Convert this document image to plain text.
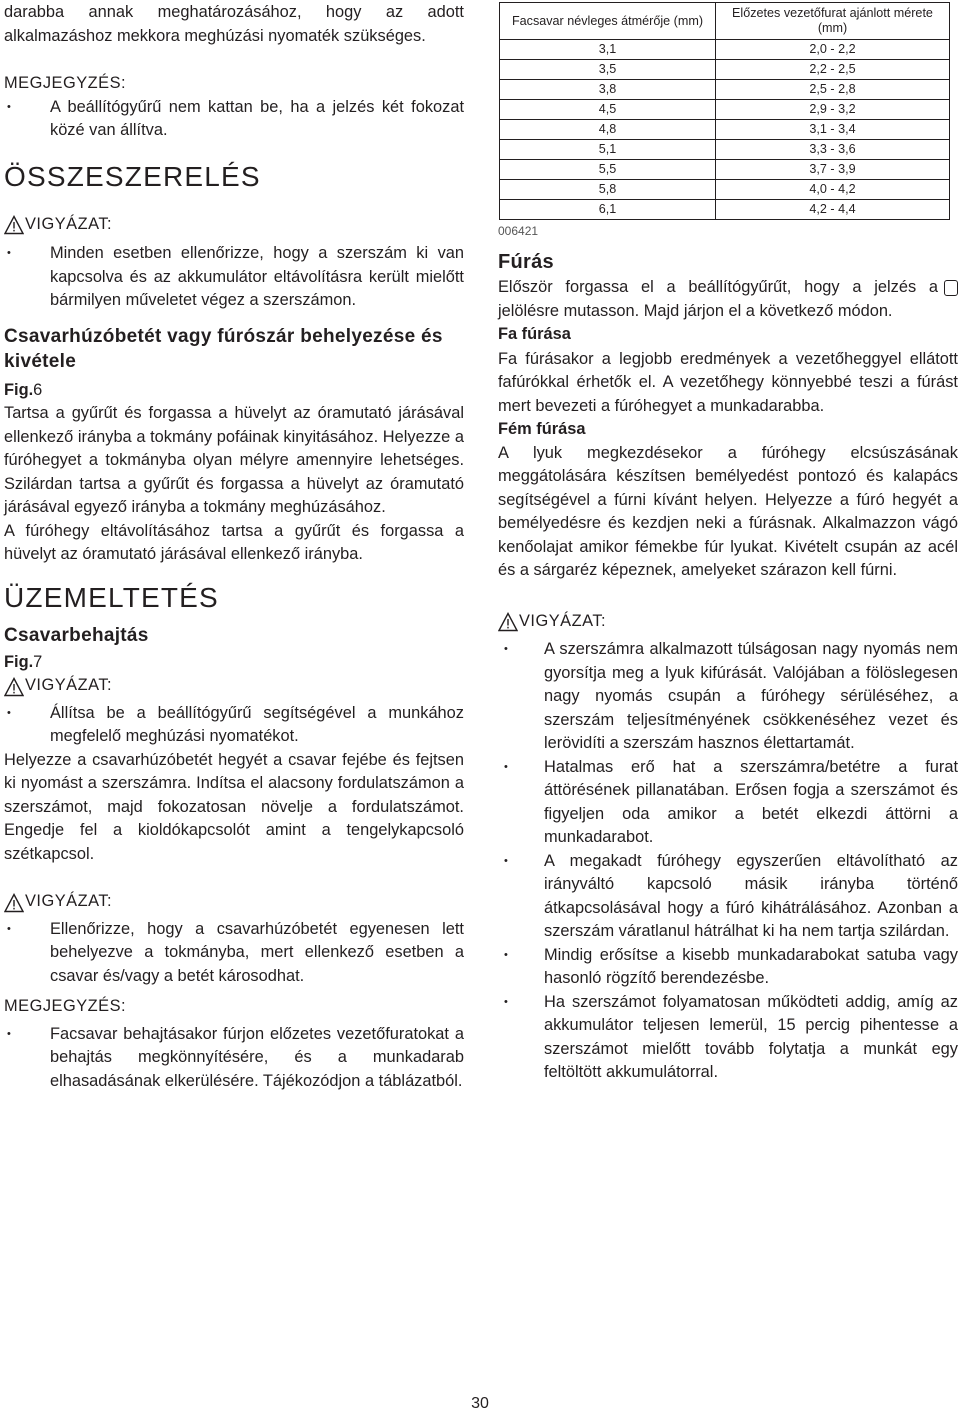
darabba annak meghatározásához, hogy az adott alkalmazáshoz mekkora meghúzási nyomaték szükséges.

MEGJEGYZÉS:
• A beállítógyűrű nem kattan be, ha a jelzés két fokozat közé van állítva.
ÖSSZESZERELÉS
VIGYÁZAT:
• Minden esetben ellenőrizze, hogy a szerszám ki van kapcsolva és az akkumulátor eltávolításra került mielőtt bármilyen műveletet végez a szerszámon.
Csavarhúzóbetét vagy fúrószár behelyezése és kivétele
Fig.6

Tartsa a gyűrűt és forgassa a hüvelyt az óramutató járásával ellenkező irányba a tokmány pofáinak kinyitásához. Helyezze a fúróhegyet a tokmányba olyan mélyre amennyire lehetséges. Szilárdan tartsa a gyűrűt és forgassa a hüvelyt az óramutató járásával egyező irányba a tokmány meghúzásához.

A fúróhegy eltávolításához tartsa a gyűrűt és forgassa a hüvelyt az óramutató járásával ellenkező irányba.

ÜZEMELTETÉS
Csavarbehajtás
Fig.7
VIGYÁZAT:
• Állítsa be a beállítógyűrű segítségével a munkához megfelelő meghúzási nyomatékot.

Helyezze a csavarhúzóbetét hegyét a csavar fejébe és fejtsen ki nyomást a szerszámra. Indítsa el alacsony fordulatszámon a szerszámot, majd fokozatosan növelje a fordulatszámot. Engedje fel a kioldókapcsolót amint a tengelykapcsoló szétkapcsol.

VIGYÁZAT:
• Ellenőrizze, hogy a csavarhúzóbetét egyenesen lett behelyezve a tokmányba, mert ellenkező esetben a csavar és/vagy a betét károsodhat.
MEGJEGYZÉS:
• Facsavar behajtásakor fúrjon előzetes vezetőfuratokat a behajtás megkönnyítésére, és a munkadarab elhasadásának elkerülésére. Tájékozódjon a táblázatból.
Facsavar névleges átmérője (mm)	Előzetes vezetőfurat ajánlott mérete (mm)
3,1	2,0 - 2,2
3,5	2,2 - 2,5
3,8	2,5 - 2,8
4,5	2,9 - 3,2
4,8	3,1 - 3,4
5,1	3,3 - 3,6
5,5	3,7 - 3,9
5,8	4,0 - 4,2
6,1	4,2 - 4,4
006421
Fúrás

Először forgassa el a beállítógyűrűt, hogy a jelzés a jelölésre mutasson. Majd járjon el a következő módon.

Fa fúrása

Fa fúrásakor a legjobb eredmények a vezetőheggyel ellátott fafúrókkal érhetők el. A vezetőhegy könnyebbé teszi a fúrást mert bevezeti a fúróhegyet a munkadarabba.

Fém fúrása

A lyuk megkezdésekor a fúróhegy elcsúszásának meggátolására készítsen bemélyedést pontozó és kalapács segítségével a fúrni kívánt helyen. Helyezze a fúró hegyét a bemélyedésre és kezdjen neki a fúrásnak. Alkalmazzon vágó kenőolajat amikor fémekbe fúr lyukat. Kivételt csupán az acél és a sárgaréz képeznek, amelyeket szárazon kell fúrni.

VIGYÁZAT:
• A szerszámra alkalmazott túlságosan nagy nyomás nem gyorsítja meg a lyuk kifúrását. Valójában a fölöslegesen nagy nyomás csupán a fúróhegy sérüléséhez, a szerszám teljesítményének csökkenéséhez vezet és lerövidíti a szerszám hasznos élettartamát.
• Hatalmas erő hat a szerszámra/betétre a furat áttörésének pillanatában. Erősen fogja a szerszámot és figyeljen oda amikor a betét elkezdi áttörni a munkadarabot.
• A megakadt fúróhegy egyszerűen eltávolítható az irányváltó kapcsoló másik irányba történő átkapcsolásával hogy a fúró kihátrálásához. Azonban a szerszám váratlanul hátrálhat ki ha nem tartja szilárdan.
• Mindig erősítse a kisebb munkadarabokat satuba vagy hasonló rögzítő berendezésbe.
• Ha szerszámot folyamatosan működteti addig, amíg az akkumulátor teljesen lemerül, 15 percig pihentesse a szerszámot mielőtt tovább folytatja a munkát egy feltöltött akkumulátorral.
30
